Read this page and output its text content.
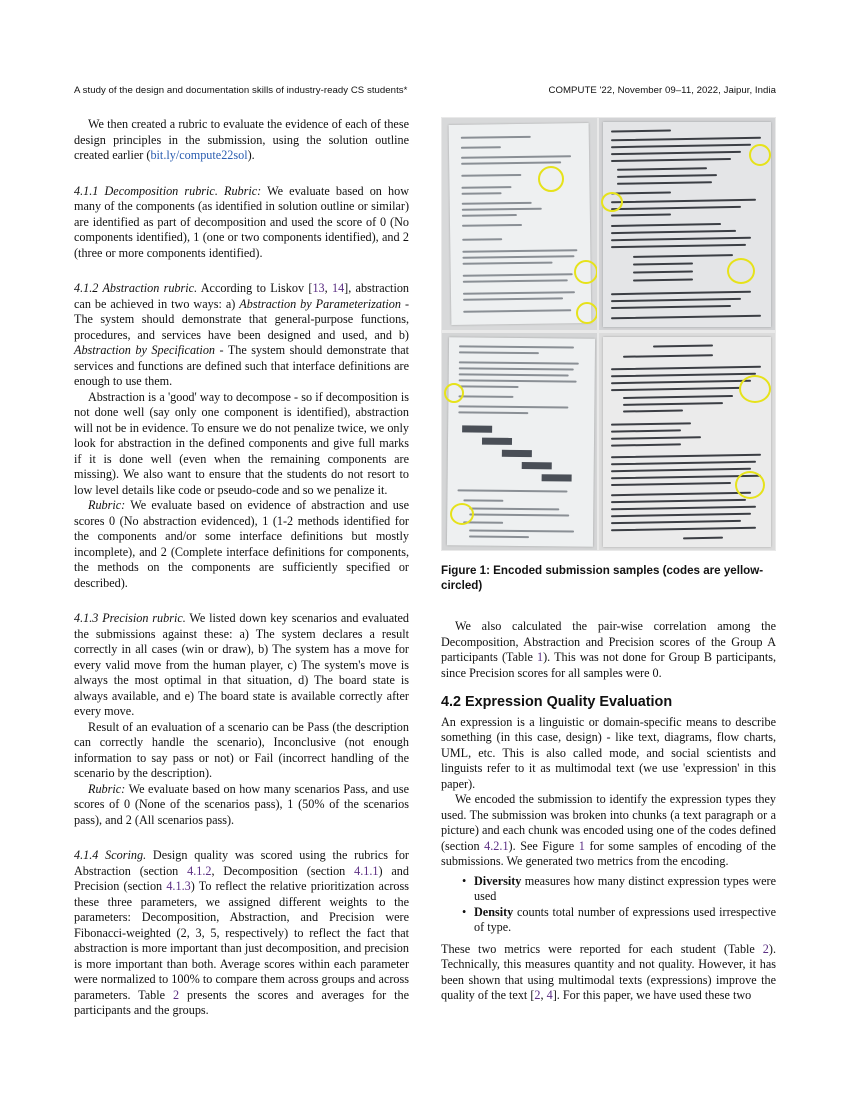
A study of the design and documentation skills of industry-ready CS students*	COMPUTE '22, November 09–11, 2022, Jaipur, India

We then created a rubric to evaluate the evidence of each of these design principles in the submission, using the solution outline created earlier (bit.ly/compute22sol).

4.1.1 Decomposition rubric. Rubric: We evaluate based on how many of the components (as identified in solution outline or similar) are identified as part of decomposition and used the score of 0 (No components identified), 1 (one or two components identified), and 2 (three or more components identified).

4.1.2 Abstraction rubric. According to Liskov [13, 14], abstraction can be achieved in two ways: a) Abstraction by Parameterization - The system should demonstrate that general-purpose functions, procedures, and services have been designed and used, and b) Abstraction by Specification - The system should demonstrate that services and functions are defined such that interface definitions are enough to use them.

Abstraction is a 'good' way to decompose - so if decomposition is not done well (say only one component is identified), abstraction will not be in evidence. To ensure we do not penalize twice, we only look for abstraction in the defined components and give full marks if it is done well (even when the remaining components are missing). We also want to ensure that the students do not resort to low level details like code or pseudo-code and so we penalize it.

Rubric: We evaluate based on evidence of abstraction and use scores 0 (No abstraction evidenced), 1 (1-2 methods identified for the components and/or some interface definitions but mostly incomplete), and 2 (Complete interface definitions for components, the methods on the components are sufficiently specified or described).

4.1.3 Precision rubric. We listed down key scenarios and evaluated the submissions against these: a) The system declares a result correctly in all cases (win or draw), b) The system has a move for every valid move from the human player, c) The system's move is always the most optimal in that situation, d) The board state is always available, and e) The board state is available correctly after every move.

Result of an evaluation of a scenario can be Pass (the description can correctly handle the scenario), Inconclusive (not enough information to say pass or not) or Fail (incorrect handling of the scenario by the description).

Rubric: We evaluate based on how many scenarios Pass, and use scores of 0 (None of the scenarios pass), 1 (50% of the scenarios pass), and 2 (All scenarios pass).

4.1.4 Scoring. Design quality was scored using the rubrics for Abstraction (section 4.1.2, Decomposition (section 4.1.1) and Precision (section 4.1.3) To reflect the relative prioritization across these three parameters, we assigned different weights to the parameters: Decomposition, Abstraction, and Precision were Fibonacci-weighted (2, 3, 5, respectively) to reflect the fact that abstraction is more important than just decomposition, and precision is more important than both. Average scores within each parameter were normalized to 100% to compare them across groups and across parameters. Table 2 presents the scores and averages for the participants and the groups.

Figure 1: Encoded submission samples (codes are yellow-circled)

We also calculated the pair-wise correlation among the Decomposition, Abstraction and Precision scores of the Group A participants (Table 1). This was not done for Group B participants, since Precision scores for all samples were 0.

4.2 Expression Quality Evaluation

An expression is a linguistic or domain-specific means to describe something (in this case, design) - like text, diagrams, flow charts, UML, etc. This is also called mode, and social scientists and linguists refer to it as multimodal text (we use 'expression' in this paper).

We encoded the submission to identify the expression types they used. The submission was broken into chunks (a text paragraph or a picture) and each chunk was encoded using one of the codes defined (section 4.2.1). See Figure 1 for some samples of encoding of the submissions. We generated two metrics from the encoding.

• Diversity measures how many distinct expression types were used
• Density counts total number of expressions used irrespective of type.

These two metrics were reported for each student (Table 2). Technically, this measures quantity and not quality. However, it has been shown that using multimodal texts (expressions) improve the quality of the text [2, 4]. For this paper, we have used these two
